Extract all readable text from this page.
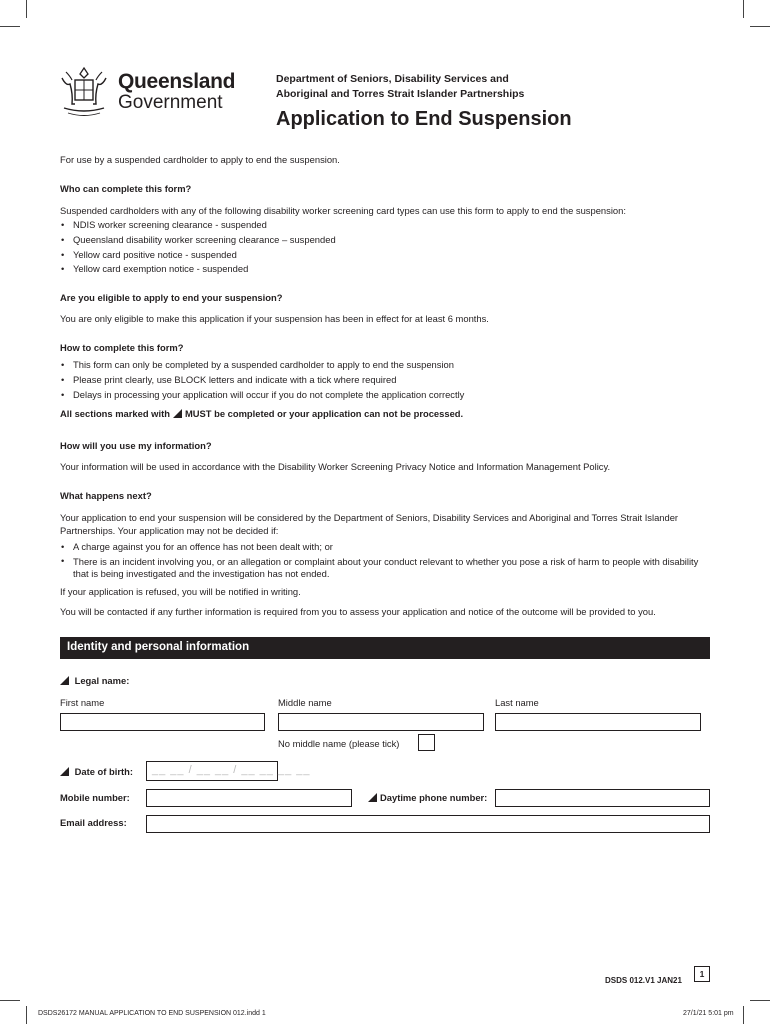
Queensland
Government
Department of Seniors, Disability Services and
Aboriginal and Torres Strait Islander Partnerships
Application to End Suspension
For use by a suspended cardholder to apply to end the suspension.
Who can complete this form?
Suspended cardholders with any of the following disability worker screening card types can use this form to apply to end the suspension:
• NDIS worker screening clearance - suspended
• Queensland disability worker screening clearance – suspended
• Yellow card positive notice - suspended
• Yellow card exemption notice - suspended
Are you eligible to apply to end your suspension?
You are only eligible to make this application if your suspension has been in effect for at least 6 months.
How to complete this form?
• This form can only be completed by a suspended cardholder to apply to end the suspension
• Please print clearly, use BLOCK letters and indicate with a tick where required
• Delays in processing your application will occur if you do not complete the application correctly
All sections marked with MUST be completed or your application can not be processed.
How will you use my information?
Your information will be used in accordance with the Disability Worker Screening Privacy Notice and Information Management Policy.
What happens next?
Your application to end your suspension will be considered by the Department of Seniors, Disability Services and Aboriginal and Torres Strait Islander Partnerships. Your application may not be decided if:
• A charge against you for an offence has not been dealt with; or
• There is an incident involving you, or an allegation or complaint about your conduct relevant to whether you pose a risk of harm to people with disability that is being investigated and the investigation has not ended.
If your application is refused, you will be notified in writing.
You will be contacted if any further information is required from you to assess your application and notice of the outcome will be provided to you.
Identity and personal information
Legal name:
First name	Middle name	Last name
No middle name (please tick)
Date of birth: __ __ / __ __ / __ __ __ __
Mobile number:	Daytime phone number:
Email address:
DSDS 012.V1 JAN21
1
DSDS26172 MANUAL APPLICATION TO END SUSPENSION 012.indd 1	27/1/21 5:01 pm
